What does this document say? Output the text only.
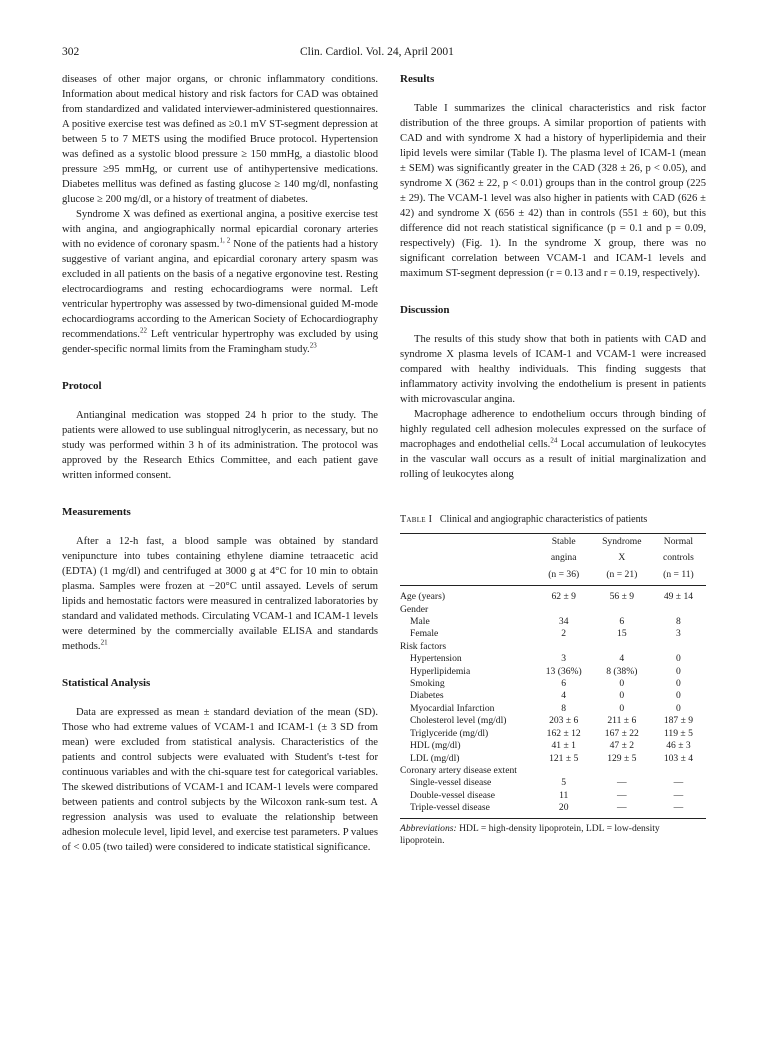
302	Clin. Cardiol. Vol. 24, April 2001

diseases of other major organs, or chronic inflammatory conditions. Information about medical history and risk factors for CAD was obtained from standardized and validated interviewer-administered questionnaires. A positive exercise test was defined as ≥0.1 mV ST-segment depression at between 5 to 7 METS using the modified Bruce protocol. Hypertension was defined as a systolic blood pressure ≥ 150 mmHg, a diastolic blood pressure ≥95 mmHg, or current use of antihypertensive medications. Diabetes mellitus was defined as fasting glucose ≥ 140 mg/dl, nonfasting glucose ≥ 200 mg/dl, or a history of treatment of diabetes.

Syndrome X was defined as exertional angina, a positive exercise test with angina, and angiographically normal epicardial coronary arteries with no evidence of coronary spasm.$^{1, 2}$ None of the patients had a history suggestive of variant angina, and epicardial coronary artery spasm was excluded in all patients on the basis of a negative ergonovine test. Resting electrocardiograms and resting echocardiograms were normal. Left ventricular hypertrophy was assessed by two-dimensional guided M-mode echocardiograms according to the American Society of Echocardiography recommendations.$^{22}$ Left ventricular hypertrophy was excluded by using gender-specific normal limits from the Framingham study.$^{23}$

Protocol

Antianginal medication was stopped 24 h prior to the study. The patients were allowed to use sublingual nitroglycerin, as necessary, but no study was performed within 3 h of its administration. The protocol was approved by the Research Ethics Committee, and each patient gave written informed consent.

Measurements

After a 12-h fast, a blood sample was obtained by standard venipuncture into tubes containing ethylene diamine tetraacetic acid (EDTA) (1 mg/dl) and centrifuged at 3000 g at 4°C for 10 min to obtain plasma. Samples were frozen at −20°C until assayed. Levels of serum lipids and hemostatic factors were measured in centralized laboratories by standard and validated methods. Circulating VCAM-1 and ICAM-1 levels were determined by the commercially available ELISA and standards methods.$^{21}$

Statistical Analysis

Data are expressed as mean ± standard deviation of the mean (SD). Those who had extreme values of VCAM-1 and ICAM-1 (± 3 SD from mean) were excluded from statistical analysis. Characteristics of the patients and control subjects were evaluated with Student's t-test for continuous variables and with the chi-square test for categorical variables. The skewed distributions of VCAM-1 and ICAM-1 levels were compared between patients and control subjects by the Wilcoxon rank-sum test. A regression analysis was used to evaluate the relationship between adhesion molecule level, lipid level, and exercise test parameters. P values of < 0.05 (two tailed) were considered to indicate statistical significance.

Results

Table I summarizes the clinical characteristics and risk factor distribution of the three groups. A similar proportion of patients with CAD and with syndrome X had a history of hyperlipidemia and their lipid levels were similar (Table I). The plasma level of ICAM-1 (mean ± SEM) was significantly greater in the CAD (328 ± 26, p < 0.05), and syndrome X (362 ± 22, p < 0.01) groups than in the control group (225 ± 29). The VCAM-1 level was also higher in patients with CAD (626 ± 42) and syndrome X (656 ± 42) than in controls (551 ± 60), but this difference did not reach statistical significance (p = 0.1 and p = 0.09, respectively) (Fig. 1). In the syndrome X group, there was no significant correlation between VCAM-1 and ICAM-1 levels and maximum ST-segment depression (r = 0.13 and r = 0.19, respectively).

Discussion

The results of this study show that both in patients with CAD and syndrome X plasma levels of ICAM-1 and VCAM-1 were increased compared with healthy individuals. This finding suggests that inflammatory activity involving the endothelium is present in patients with microvascular angina.

Macrophage adherence to endothelium occurs through binding of highly regulated cell adhesion molecules expressed on the surface of macrophages and endothelial cells.$^{24}$ Local accumulation of leukocytes in the vascular wall occurs as a result of initial marginalization and rolling of leukocytes along

Table I Clinical and angiographic characteristics of patients
	Stable	Syndrome	Normal
	angina	X	controls
	(n = 36)	(n = 21)	(n = 11)
Age (years)	62 ± 9	56 ± 9	49 ± 14
Gender			
Male	34	6	8
Female	2	15	3
Risk factors			
Hypertension	3	4	0
Hyperlipidemia	13 (36%)	8 (38%)	0
Smoking	6	0	0
Diabetes	4	0	0
Myocardial Infarction	8	0	0
Cholesterol level (mg/dl)	203 ± 6	211 ± 6	187 ± 9
Triglyceride (mg/dl)	162 ± 12	167 ± 22	119 ± 5
HDL (mg/dl)	41 ± 1	47 ± 2	46 ± 3
LDL (mg/dl)	121 ± 5	129 ± 5	103 ± 4
Coronary artery disease extent			
Single-vessel disease	5	—	—
Double-vessel disease	11	—	—
Triple-vessel disease	20	—	—
Abbreviations: HDL = high-density lipoprotein, LDL = low-density lipoprotein.
